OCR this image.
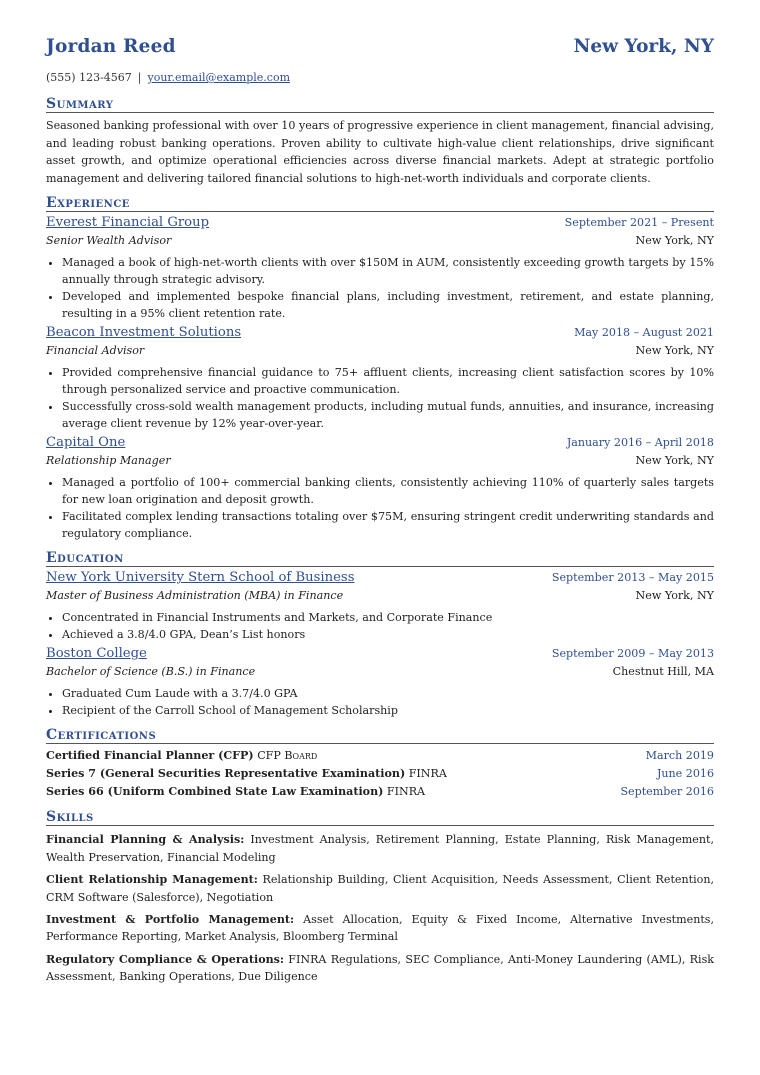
Jordan Reed	New York, NY
(555) 123-4567 | your.email@example.com
Summary
Seasoned banking professional with over 10 years of progressive experience in client management, financial advising, and leading robust banking operations. Proven ability to cultivate high-value client relationships, drive significant asset growth, and optimize operational efficiencies across diverse financial markets. Adept at strategic portfolio management and delivering tailored financial solutions to high-net-worth individuals and corporate clients.
Experience
Everest Financial Group	September 2021 – Present
Senior Wealth Advisor	New York, NY
• Managed a book of high-net-worth clients with over $150M in AUM, consistently exceeding growth targets by 15% annually through strategic advisory.
• Developed and implemented bespoke financial plans, including investment, retirement, and estate planning, resulting in a 95% client retention rate.
Beacon Investment Solutions	May 2018 – August 2021
Financial Advisor	New York, NY
• Provided comprehensive financial guidance to 75+ affluent clients, increasing client satisfaction scores by 10% through personalized service and proactive communication.
• Successfully cross-sold wealth management products, including mutual funds, annuities, and insurance, increasing average client revenue by 12% year-over-year.
Capital One	January 2016 – April 2018
Relationship Manager	New York, NY
• Managed a portfolio of 100+ commercial banking clients, consistently achieving 110% of quarterly sales targets for new loan origination and deposit growth.
• Facilitated complex lending transactions totaling over $75M, ensuring stringent credit underwriting standards and regulatory compliance.
Education
New York University Stern School of Business	September 2013 – May 2015
Master of Business Administration (MBA) in Finance	New York, NY
• Concentrated in Financial Instruments and Markets, and Corporate Finance
• Achieved a 3.8/4.0 GPA, Dean’s List honors
Boston College	September 2009 – May 2013
Bachelor of Science (B.S.) in Finance	Chestnut Hill, MA
• Graduated Cum Laude with a 3.7/4.0 GPA
• Recipient of the Carroll School of Management Scholarship
Certifications
Certified Financial Planner (CFP) CFP Board	March 2019
Series 7 (General Securities Representative Examination) FINRA	June 2016
Series 66 (Uniform Combined State Law Examination) FINRA	September 2016
Skills
Financial Planning & Analysis: Investment Analysis, Retirement Planning, Estate Planning, Risk Management, Wealth Preservation, Financial Modeling
Client Relationship Management: Relationship Building, Client Acquisition, Needs Assessment, Client Retention, CRM Software (Salesforce), Negotiation
Investment & Portfolio Management: Asset Allocation, Equity & Fixed Income, Alternative Investments, Performance Reporting, Market Analysis, Bloomberg Terminal
Regulatory Compliance & Operations: FINRA Regulations, SEC Compliance, Anti-Money Laundering (AML), Risk Assessment, Banking Operations, Due Diligence
